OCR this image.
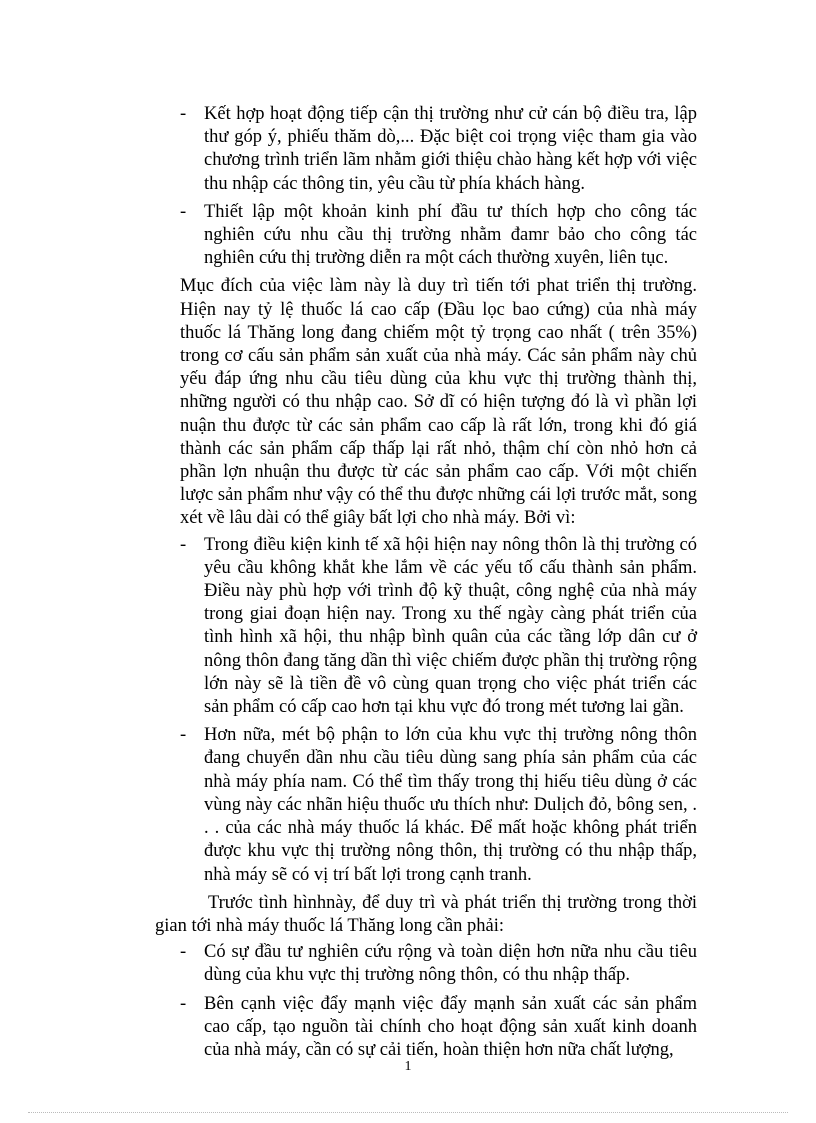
- Kết hợp hoạt động tiếp cận thị trường như cử cán bộ điều tra, lập thư góp ý, phiếu thăm dò,... Đặc biệt coi trọng việc tham gia vào chương trình triển lãm nhằm giới thiệu chào hàng kết hợp với việc thu nhập các thông tin, yêu cầu từ phía khách hàng.
- Thiết lập một khoản kinh phí đầu tư thích hợp cho công tác nghiên cứu nhu cầu thị trường nhằm đamr bảo cho công tác nghiên cứu thị trường diễn ra một cách thường xuyên, liên tục.

Mục đích của việc làm này là duy trì tiến tới phat triển thị trường. Hiện nay tỷ lệ thuốc lá cao cấp (Đầu lọc bao cứng) của nhà máy thuốc lá Thăng long đang chiếm một tỷ trọng cao nhất ( trên 35%) trong cơ cấu sản phẩm sản xuất của nhà máy. Các sản phẩm này chủ yếu đáp ứng nhu cầu tiêu dùng của khu vực thị trường thành thị, những người có thu nhập cao. Sở dĩ có hiện tượng đó là vì phần lợi nuận thu được từ các sản phẩm cao cấp là rất lớn, trong khi đó giá thành các sản phẩm cấp thấp lại rất nhỏ, thậm chí còn nhỏ hơn cả phần lợn nhuận thu được từ các sản phẩm cao cấp. Với một chiến lược sản phẩm như vậy có thể thu được những cái lợi trước mắt, song xét về lâu dài có thể giây bất lợi cho nhà máy. Bởi vì:

- Trong điều kiện kinh tế xã hội hiện nay nông thôn là thị trường có yêu cầu không khắt khe lắm về các yếu tố cấu thành sản phẩm. Điều này phù hợp với trình độ kỹ thuật, công nghệ của nhà máy trong giai đoạn hiện nay. Trong xu thế ngày càng phát triển của tình hình xã hội, thu nhập bình quân của các tầng lớp dân cư ở nông thôn đang tăng dần thì việc chiếm được phần thị trường rộng lớn này sẽ là tiền đề vô cùng quan trọng cho việc phát triển các sản phẩm có cấp cao hơn tại khu vực đó trong mét tương lai gần.
- Hơn nữa, mét bộ phận to lớn của khu vực thị trường nông thôn đang chuyển dần nhu cầu tiêu dùng sang phía sản phẩm của các nhà máy phía nam. Có thể tìm thấy trong thị hiếu tiêu dùng ở các vùng này các nhãn hiệu thuốc ưu thích như: Dulịch đỏ, bông sen, . . . của các nhà máy thuốc lá khác. Để mất hoặc không phát triển được khu vực thị trường nông thôn, thị trường có thu nhập thấp, nhà máy sẽ có vị trí bất lợi trong cạnh tranh.

Trước tình hìnhnày, để duy trì và phát triển thị trường trong thời gian tới nhà máy thuốc lá Thăng long cần phải:

- Có sự đầu tư nghiên cứu rộng và toàn diện hơn nữa nhu cầu tiêu dùng của khu vực thị trường nông thôn, có thu nhập thấp.
- Bên cạnh việc đẩy mạnh việc đẩy mạnh sản xuất các sản phẩm cao cấp, tạo nguồn tài chính cho hoạt động sản xuất kinh doanh của nhà máy, cần có sự cải tiến, hoàn thiện hơn nữa chất lượng,
1
